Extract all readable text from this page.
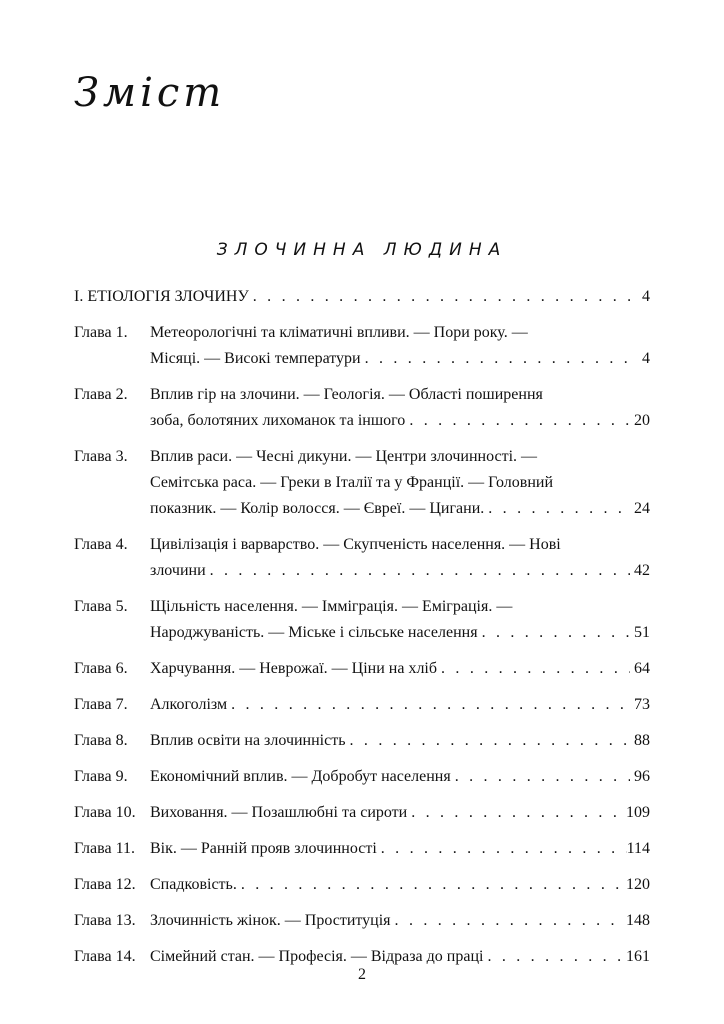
Зміст
ЗЛОЧИННА ЛЮДИНА
I. ЕТІОЛОГІЯ ЗЛОЧИНУ . . .	4
Глава 1.	Метеорологічні та кліматичні впливи. — Пори року. —
Місяці. — Високі температури . . .	4
Глава 2.	Вплив гір на злочини. — Геологія. — Області поширення
зоба, болотяних лихоманок та іншого . . .	20
Глава 3.	Вплив раси. — Чесні дикуни. — Центри злочинності. —
Семітська раса. — Греки в Італії та у Франції. — Головний
показник. — Колір волосся. — Євреї. — Цигани. . . .	24
Глава 4.	Цивілізація і варварство. — Скупченість населення. — Нові
злочини . . .	42
Глава 5.	Щільність населення. — Імміграція. — Еміграція. —
Народжуваність. — Міське і сільське населення . . .	51
Глава 6.	Харчування. — Неврожаї. — Ціни на хліб . . .	64
Глава 7.	Алкоголізм . . .	73
Глава 8.	Вплив освіти на злочинність . . .	88
Глава 9.	Економічний вплив. — Добробут населення . . .	96
Глава 10. Виховання. — Позашлюбні та сироти . . .	109
Глава 11. Вік. — Ранній прояв злочинності . . .	114
Глава 12. Спадковість. . . .	120
Глава 13. Злочинність жінок. — Проституція . . .	148
Глава 14. Сімейний стан. — Професія. — Відраза до праці . . .	161
2
